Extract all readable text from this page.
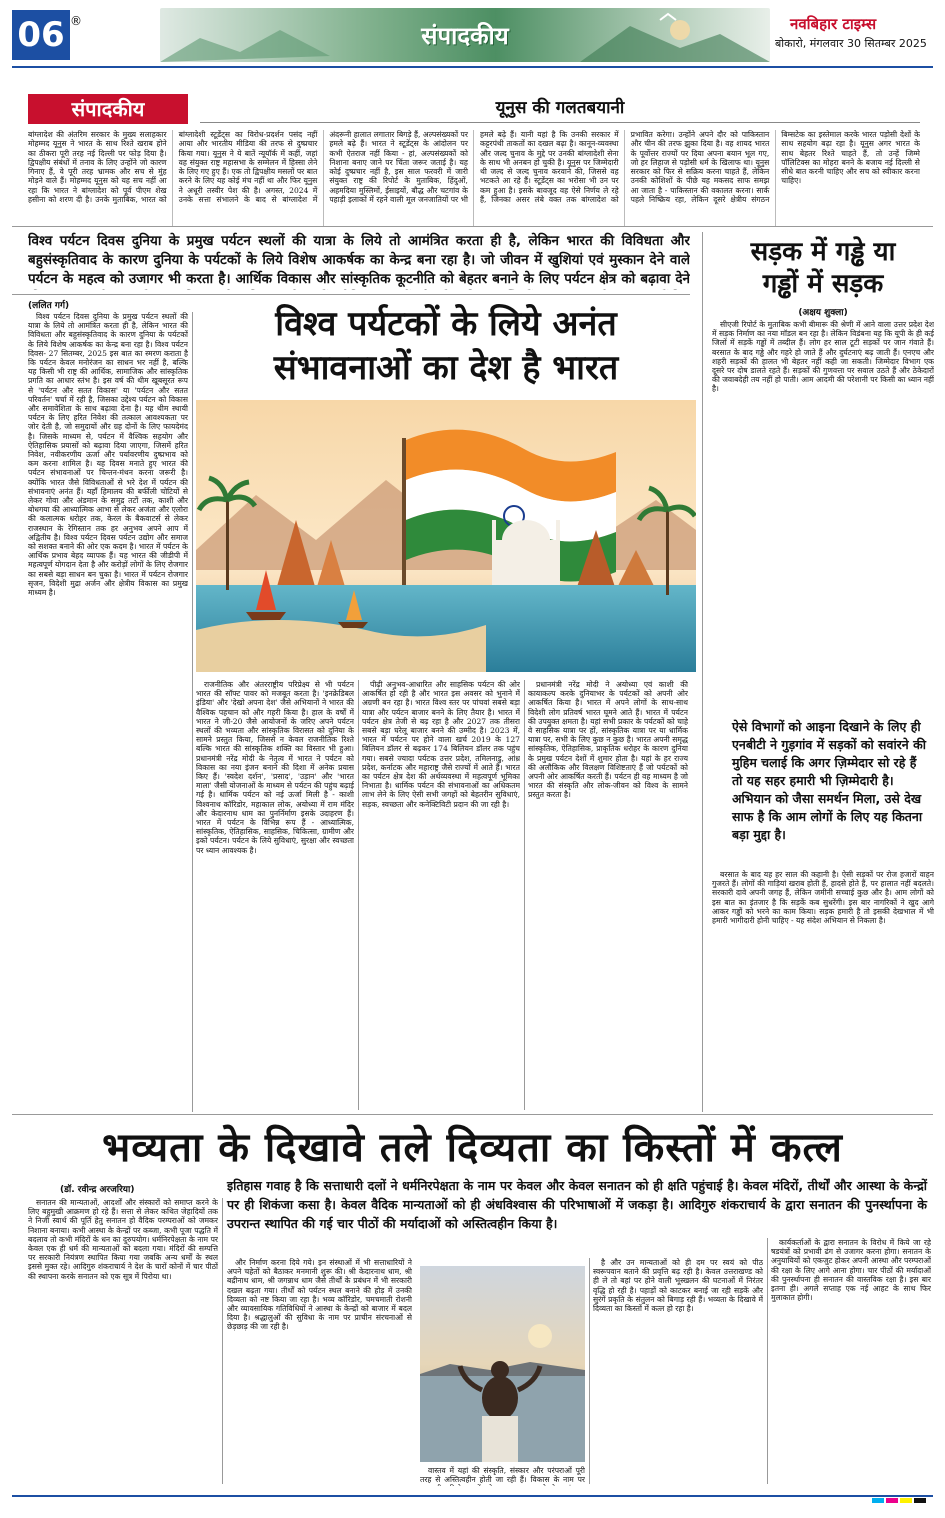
06 ®
संपादकीय	नवबिहार टाइम्स
बोकारो, मंगलवार 30 सितम्बर 2025
संपादकीय	यूनुस की गलतबयानी
बांग्लादेश की अंतरिम सरकार के मुख्य सलाहकार मोहम्मद यूनुस ने भारत के साथ रिश्ते खराब होने का ठीकरा पूरी तरह नई दिल्ली पर फोड़ दिया है। द्विपक्षीय संबंधों में तनाव के लिए उन्होंने जो कारण गिनाए हैं, वे पूरी तरह भ्रामक और सच से मुंह मोड़ने वाले हैं। मोहम्मद यूनुस को यह सच नहीं आ रहा कि भारत ने बांग्लादेश को पूर्व पीएम शेख हसीना को शरण दी है। उनके मुताबिक, भारत को बांग्लादेशी स्टूडेंट्स का विरोध-प्रदर्शन पसंद नहीं आया और भारतीय मीडिया की तरफ से दुष्प्रचार किया गया। यूनुस ने ये बातें न्यूयॉर्क में कहीं, जहां वह संयुक्त राष्ट्र महासभा के सम्मेलन में हिस्सा लेने के लिए गए हुए हैं। एक तो द्विपक्षीय मसलों पर बात करने के लिए यह कोई मंच नहीं था और फिर यूनुस ने अधूरी तस्वीर पेश की है। अगस्त, 2024 में उनके सत्ता संभालने के बाद से बांग्लादेश में अंदरूनी हालात लगातार बिगड़े हैं, अल्पसंख्यकों पर हमले बढ़े हैं। भारत ने स्टूडेंट्स के आंदोलन पर कभी ऐतराज नहीं किया - हां, अल्पसंख्यकों को निशाना बनाए जाने पर चिंता जरूर जताई है। यह कोई दुष्प्रचार नहीं है, इस साल फरवरी में जारी संयुक्त राष्ट्र की रिपोर्ट के मुताबिक, हिंदुओं, अहमदिया मुस्लिमों, ईसाइयों, बौद्ध और चटगांव के पहाड़ी इलाकों में रहने वाली मूल जनजातियों पर भी हमले बढ़े हैं। यानी यहां है कि उनकी सरकार में कट्टरपंथी ताकतों का दखल बढ़ा है। कानून-व्यवस्था और जल्द चुनाव के मुद्दे पर उनकी बांग्लादेशी सेना के साथ भी अनबन हो चुकी है। यूनुस पर जिम्मेदारी थी जल्द से जल्द चुनाव करवाने की, जिससे वह भटकते आ रहे हैं। स्टूडेंट्स का भरोसा भी उन पर कम हुआ है। इसके बावजूद वह ऐसे निर्णय ले रहे हैं, जिनका असर लंबे वक्त तक बांग्लादेश को प्रभावित करेगा। उन्होंने अपने दौर को पाकिस्तान और चीन की तरफ झुका दिया है। वह शायद भारत के पूर्वोत्तर राज्यों पर दिया अपना बयान भूल गए, जो हर लिहाज से पड़ोसी धर्म के खिलाफ था। यूनुस सरकार को फिर से सक्रिय करना चाहते हैं, लेकिन उनकी कोशिशों के पीछे यह मकसद साफ समझ आ जाता है - पाकिस्तान की वकालत करना। सार्क पहले निष्क्रिय रहा, लेकिन दूसरे क्षेत्रीय संगठन बिम्सटेक का इस्तेमाल करके भारत पड़ोसी देशों के साथ सहयोग बढ़ा रहा है। यूनुस अगर भारत के साथ बेहतर रिश्ते चाहते हैं, तो उन्हें जिम्मे पॉलिटिक्स का मोहरा बनने के बजाय नई दिल्ली से सीधे बात करनी चाहिए और सच को स्वीकार करना चाहिए।
विश्व पर्यटन दिवस दुनिया के प्रमुख पर्यटन स्थलों की यात्रा के लिये तो आमंत्रित करता ही है, लेकिन भारत की विविधता और बहुसंस्कृतिवाद के कारण दुनिया के पर्यटकों के लिये विशेष आकर्षक का केन्द्र बना रहा है। जो जीवन में खुशियां एवं मुस्कान देने वाले पर्यटन के महत्व को उजागर भी करता है। आर्थिक विकास और सांस्कृतिक कूटनीति को बेहतर बनाने के लिए पर्यटन क्षेत्र को बढ़ावा देने
(ललित गर्ग)

विश्व पर्यटन दिवस दुनिया के प्रमुख पर्यटन स्थलों की यात्रा के लिये तो आमंत्रित करता ही है, लेकिन भारत की विविधता और बहुसंस्कृतिवाद के कारण दुनिया के पर्यटकों के लिये विशेष आकर्षक का केन्द्र बना रहा है। विश्व पर्यटन दिवस- 27 सितम्बर, 2025 इस बात का स्मरण कराता है कि पर्यटन केवल मनोरंजन का साधन भर नहीं है, बल्कि यह किसी भी राष्ट्र की आर्थिक, सामाजिक और सांस्कृतिक प्रगति का आधार स्तंभ है। इस वर्ष की थीम खूबसूरत रूप से 'पर्यटन और सतत विकास' या 'पर्यटन और सतत परिवर्तन' चर्चा में रही है, जिसका उद्देश्य पर्यटन को विकास और समावेशिता के साथ बढ़ावा देना है। यह थीम स्थायी पर्यटन के लिए हरित निवेश की तत्काल आवश्यकता पर जोर देती है, जो समुदायों और ग्रह दोनों के लिए फायदेमंद है। जिसके माध्यम से, पर्यटन में वैश्विक सहयोग और ऐतिहासिक प्रयासों को बढ़ावा दिया जाएगा, जिसमें हरित निवेश, नवीकरणीय ऊर्जा और पर्यावरणीय दुष्प्रभाव को कम करना शामिल है। यह दिवस मनाते हुए भारत की पर्यटन संभावनाओं पर चिन्तन-मंथन करना जरूरी है। क्योंकि भारत जैसे विविधताओं से भरे देश में पर्यटन की संभावनाएं अनंत हैं। यहाँ हिमालय की बर्फीली चोटियों से लेकर गोवा और अंडमान के समुद्र तटों तक, काशी और बोधगया की आध्यात्मिक आभा से लेकर अजंता और एलोरा की कलात्मक धरोहर तक, केरल के बैकवाटर्स से लेकर राजस्थान के रेगिस्तान तक हर अनुभव अपने आप में अद्वितीय है। विश्व पर्यटन दिवस पर्यटन उद्योग और समाज को सशक्त बनाने की ओर एक कदम है। भारत में पर्यटन के आर्थिक प्रभाव बेहद व्यापक हैं। यह भारत की जीडीपी में महत्वपूर्ण योगदान देता है और करोड़ों लोगों के लिए रोजगार का सबसे बड़ा साधन बन चुका है। भारत में पर्यटन रोजगार सृजन, विदेशी मुद्रा अर्जन और क्षेत्रीय विकास का प्रमुख माध्यम है।

विश्व पर्यटकों के लिये अनंत
संभावनाओं का देश है भारत

राजनीतिक और अंतरराष्ट्रीय परिप्रेक्ष्य से भी पर्यटन भारत की सॉफ्ट पावर को मजबूत करता है। 'इनक्रेडिबल इंडिया' और 'देखो अपना देश' जैसे अभियानों ने भारत की वैश्विक पहचान को और गहरी किया है। हाल के वर्षों में भारत ने जी-20 जैसे आयोजनों के जरिए अपने पर्यटन स्थलों की भव्यता और सांस्कृतिक विरासत को दुनिया के सामने प्रस्तुत किया, जिससे न केवल राजनीतिक रिश्ते बल्कि भारत की सांस्कृतिक शक्ति का विस्तार भी हुआ। प्रधानमंत्री नरेंद्र मोदी के नेतृत्व में भारत ने पर्यटन को विकास का नया इंजन बनाने की दिशा में अनेक प्रयास किए हैं। 'स्वदेश दर्शन', 'प्रसाद', 'उड़ान' और 'भारत माला' जैसी योजनाओं के माध्यम से पर्यटन की पहुंच बढ़ाई गई है। धार्मिक पर्यटन को नई ऊर्जा मिली है - काशी विश्वनाथ कॉरिडोर, महाकाल लोक, अयोध्या में राम मंदिर और केदारनाथ धाम का पुनर्निर्माण इसके उदाहरण हैं। भारत में पर्यटन के विभिन्न रूप हैं - आध्यात्मिक, सांस्कृतिक, ऐतिहासिक, साहसिक, चिकित्सा, ग्रामीण और इको पर्यटन। पर्यटन के लिये सुविधाएं, सुरक्षा और स्वच्छता पर ध्यान आवश्यक है।

पीढ़ी अनुभव-आधारित और साहसिक पर्यटन की ओर आकर्षित हो रही है और भारत इस अवसर को भुनाने में अग्रणी बन रहा है। भारत विश्व स्तर पर पांचवां सबसे बड़ा यात्रा और पर्यटन बाजार बनने के लिए तैयार है। भारत में पर्यटन क्षेत्र तेजी से बढ़ रहा है और 2027 तक तीसरा सबसे बड़ा घरेलू बाजार बनने की उम्मीद है। 2023 में, भारत में पर्यटन पर होने वाला खर्च 2019 के 127 बिलियन डॉलर से बढ़कर 174 बिलियन डॉलर तक पहुंच गया। सबसे ज्यादा पर्यटक उत्तर प्रदेश, तमिलनाडु, आंध्र प्रदेश, कर्नाटक और महाराष्ट्र जैसे राज्यों में आते हैं। भारत का पर्यटन क्षेत्र देश की अर्थव्यवस्था में महत्वपूर्ण भूमिका निभाता है। धार्मिक पर्यटन की संभावनाओं का अधिकतम लाभ लेने के लिए ऐसी सभी जगहों को बेहतरीन सुविधाएं, सड़क, स्वच्छता और कनेक्टिविटी प्रदान की जा रही है।

प्रधानमंत्री नरेंद्र मोदी ने अयोध्या एवं काशी की कायाकल्प करके दुनियाभर के पर्यटकों को अपनी ओर आकर्षित किया है। भारत में अपने लोगों के साथ-साथ विदेशी लोग प्रतिवर्ष भारत घूमने आते हैं। भारत में पर्यटन की उपयुक्त क्षमता है। यहां सभी प्रकार के पर्यटकों को चाहे वे साहसिक यात्रा पर हों, सांस्कृतिक यात्रा पर या धार्मिक यात्रा पर, सभी के लिए कुछ न कुछ है। भारत अपनी समृद्ध सांस्कृतिक, ऐतिहासिक, प्राकृतिक धरोहर के कारण दुनिया के प्रमुख पर्यटन देशों में शुमार होता है। यहां के हर राज्य की अलौकिक और विलक्षण विशिष्टताएं हैं जो पर्यटकों को अपनी ओर आकर्षित करती हैं। पर्यटन ही वह माध्यम है जो भारत की संस्कृति और लोक-जीवन को विश्व के सामने प्रस्तुत करता है।

सड़क में गड्ढे या
गड्ढों में सड़क
(अक्षय शुक्ला)

सीएजी रिपोर्ट के मुताबिक कभी बीमारू की श्रेणी में आने वाला उत्तर प्रदेश देश में सड़क निर्माण का नया मॉडल बन रहा है। लेकिन विडंबना यह कि यूपी के ही कई जिलों में सड़कें गड्ढों में तब्दील हैं। लोग हर साल टूटी सड़कों पर जान गंवाते हैं। बरसात के बाद गड्ढे और गहरे हो जाते हैं और दुर्घटनाएं बढ़ जाती हैं। एनएच और शहरी सड़कों की हालत भी बेहतर नहीं कही जा सकती। जिम्मेदार विभाग एक दूसरे पर दोष डालते रहते हैं। सड़कों की गुणवत्ता पर सवाल उठते हैं और ठेकेदारों की जवाबदेही तय नहीं हो पाती। आम आदमी की परेशानी पर किसी का ध्यान नहीं है।

ऐसे विभागों को आइना दिखाने के लिए ही एनबीटी ने गुड़गांव में सड़कों को सवांरने की मुहिम चलाई कि अगर ज़िम्मेदार सो रहे हैं तो यह सहर हमारी भी ज़िम्मेदारी है। अभियान को जैसा समर्थन मिला, उसे देख साफ है कि आम लोगों के लिए यह कितना बड़ा मुद्दा है।

बरसात के बाद यह हर साल की कहानी है। ऐसी सड़कों पर रोज हजारों वाहन गुजरते हैं। लोगों की गाड़ियां खराब होती हैं, हादसे होते हैं, पर हालात नहीं बदलते। सरकारी दावे अपनी जगह हैं, लेकिन जमीनी सच्चाई कुछ और है। आम लोगों को इस बात का इंतजार है कि सड़कें कब सुधरेंगी। इस बार नागरिकों ने खुद आगे आकर गड्ढों को भरने का काम किया। सड़क हमारी है तो इसकी देखभाल में भी हमारी भागीदारी होनी चाहिए - यह संदेश अभियान से निकला है।

भव्यता के दिखावे तले दिव्यता का किस्तों में कत्ल
(डॉ. रवीन्द्र अरजरिया)	इतिहास गवाह है कि सत्ताधारी दलों ने धर्मनिरपेक्षता के नाम पर केवल और केवल सनातन को ही क्षति पहुंचाई है। केवल मंदिरों, तीर्थों और आस्था के केन्द्रों पर ही शिकंजा कसा है। केवल वैदिक मान्यताओं को ही अंधविश्वास की परिभाषाओं में जकड़ा है। आदिगुरु शंकराचार्य के द्वारा सनातन की पुनर्स्थापना के उपरान्त स्थापित की गई चार पीठों की मर्यादाओं को अस्तित्वहीन किया है।

सनातन की मान्यताओं, आदर्शों और संस्कारों को समाप्त करने के लिए बहुमुखी आक्रमण हो रहे हैं। सत्ता से लेकर कथित जेहादियों तक ने निजी स्वार्थ की पूर्ति हेतु सनातन हो वैदिक परम्पराओं को जमकर निशाना बनाया। कभी आस्था के केन्द्रों पर कब्जा, कभी पूजा पद्धति में बदलाव तो कभी मंदिरों के धन का दुरुपयोग। धर्मनिरपेक्षता के नाम पर केवल एक ही धर्म की मान्यताओं को बदला गया। मंदिरों की सम्पत्ति पर सरकारी नियंत्रण स्थापित किया गया जबकि अन्य धर्मों के स्थल इससे मुक्त रहे। आदिगुरु शंकराचार्य ने देश के चारों कोनों में चार पीठों की स्थापना करके सनातन को एक सूत्र में पिरोया था।

और निर्माण करना दिये गये। इन संस्थाओं में भी सत्ताधारियों ने अपने चहेतों को बैठाकर मनमानी शुरू की। श्री केदारनाथ धाम, श्री बद्रीनाथ धाम, श्री जगन्नाथ धाम जैसे तीर्थों के प्रबंधन में भी सरकारी दखल बढ़ता गया। तीर्थों को पर्यटन स्थल बनाने की होड़ में उनकी दिव्यता को नष्ट किया जा रहा है। भव्य कॉरिडोर, चमचमाती रोशनी और व्यावसायिक गतिविधियों ने आस्था के केन्द्रों को बाजार में बदल दिया है। श्रद्धालुओं की सुविधा के नाम पर प्राचीन संरचनाओं से छेड़छाड़ की जा रही है।

वास्तव में यहां की संस्कृति, संस्कार और परंपराओं पूरी तरह से अस्तित्वहीन होती जा रही हैं। विकास के नाम पर

है और उन मान्यताओं को ही दम पर स्वयं को पीठ स्वरूपवान बताने की प्रवृत्ति बढ़ रही है। केवल उत्तराखण्ड को ही ले तो बहां पर होने वाली भूस्खलन की घटनाओं में निरंतर वृद्धि हो रही है। पहाड़ों को काटकर बनाई जा रही सड़कें और सुरंगें प्रकृति के संतुलन को बिगाड़ रही हैं। भव्यता के दिखावे में दिव्यता का किस्तों में कत्ल हो रहा है।

कार्यकर्ताओं के द्वारा सनातन के विरोध में किये जा रहे षडयंत्रों को प्रभावी ढंग से उजागर करना होगा। सनातन के अनुयायियों को एकजुट होकर अपनी आस्था और परम्पराओं की रक्षा के लिए आगे आना होगा। चार पीठों की मर्यादाओं की पुनर्स्थापना ही सनातन की वास्तविक रक्षा है। इस बार इतना ही। अगले सप्ताह एक नई आहट के साथ फिर मुलाकात होगी।
